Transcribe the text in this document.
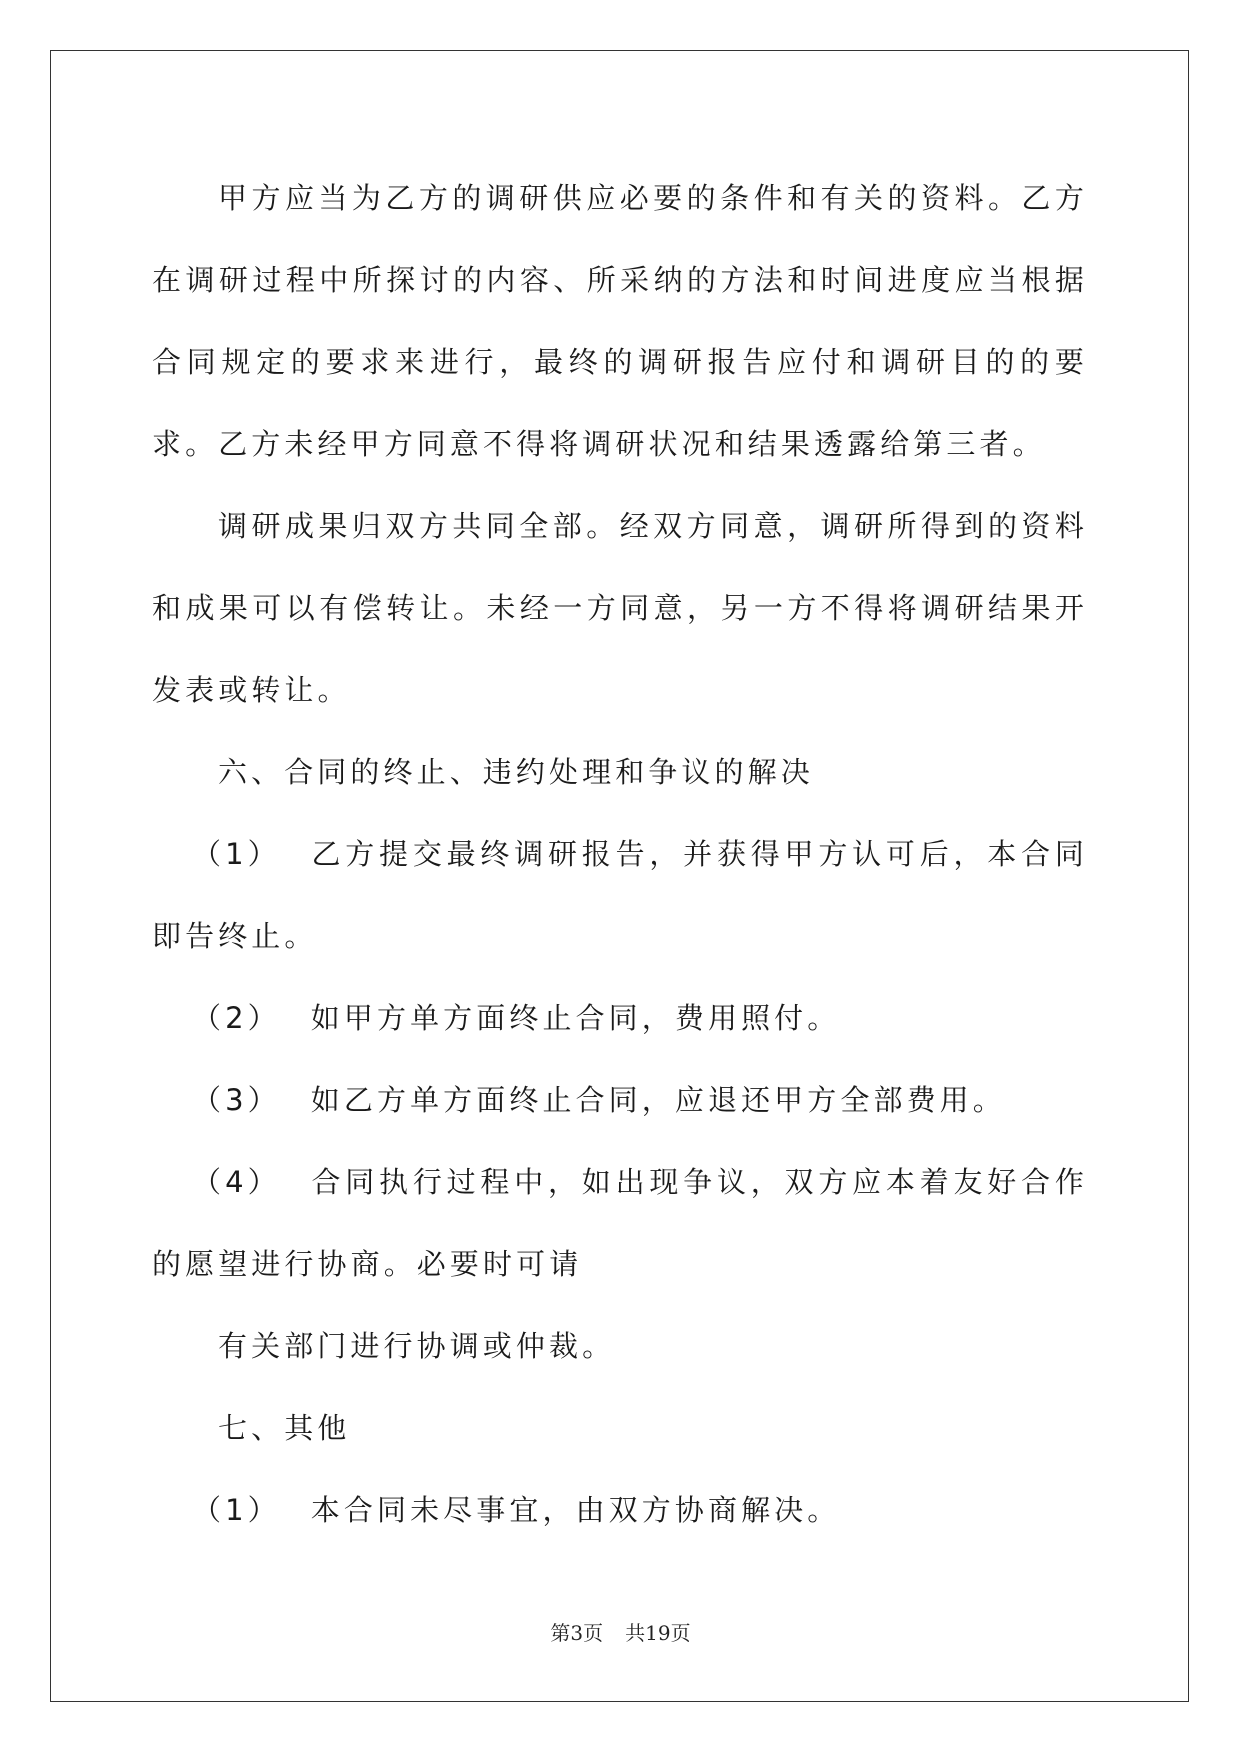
甲方应当为乙方的调研供应必要的条件和有关的资料。乙方在调研过程中所探讨的内容、所采纳的方法和时间进度应当根据合同规定的要求来进行，最终的调研报告应付和调研目的的要求。乙方未经甲方同意不得将调研状况和结果透露给第三者。

调研成果归双方共同全部。经双方同意，调研所得到的资料和成果可以有偿转让。未经一方同意，另一方不得将调研结果开发表或转让。

六、合同的终止、违约处理和争议的解决

（1） 乙方提交最终调研报告，并获得甲方认可后，本合同即告终止。

（2） 如甲方单方面终止合同，费用照付。

（3） 如乙方单方面终止合同，应退还甲方全部费用。

（4） 合同执行过程中，如出现争议，双方应本着友好合作的愿望进行协商。必要时可请

有关部门进行协调或仲裁。

七、其他

（1） 本合同未尽事宜，由双方协商解决。

第3页 共19页
